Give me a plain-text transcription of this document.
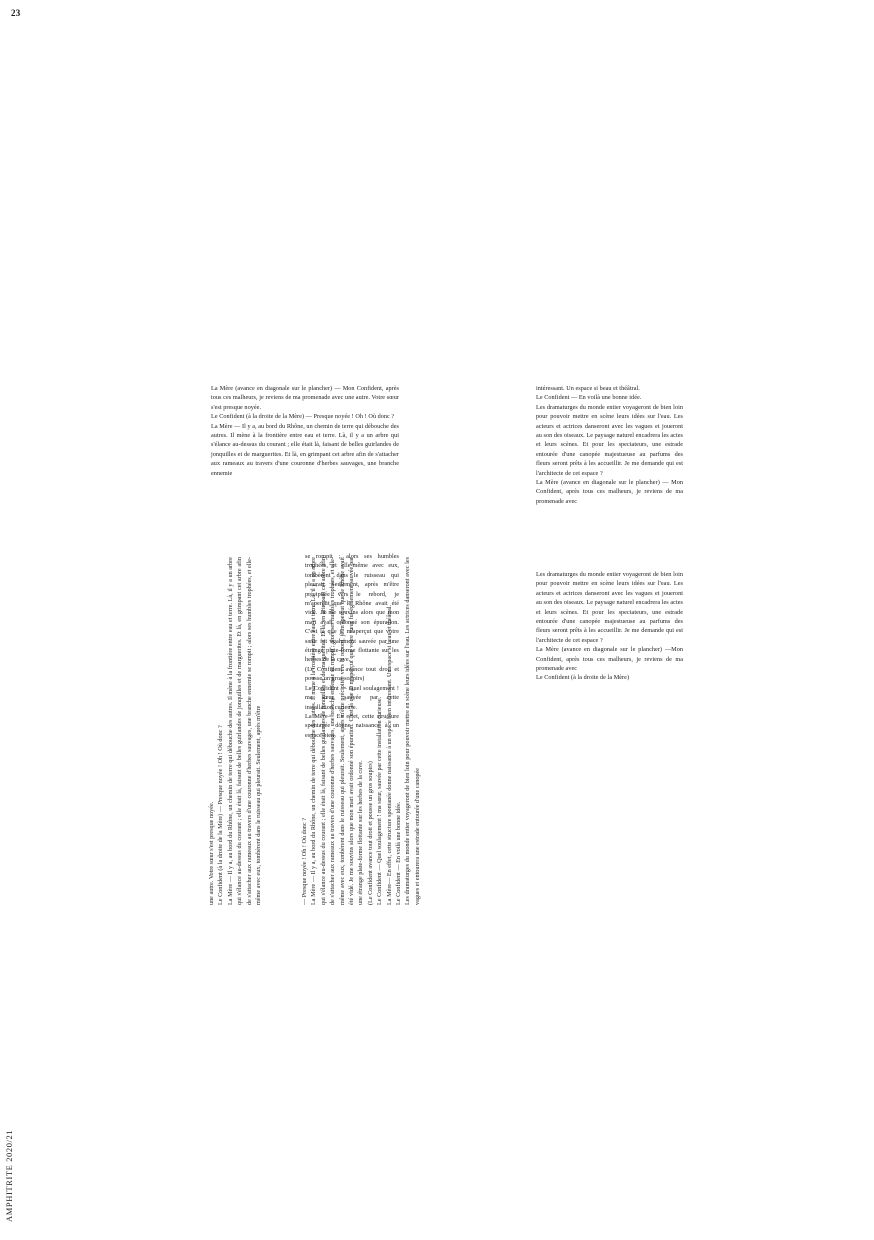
23
AMPHITRITE 2020/21

La Mère (avance en diagonale sur le plancher) — Mon Confident, après tous ces malheurs, je reviens de ma promenade avec une autre. Votre sœur s'est presque noyée.
Le Confident (à la droite de la Mère) — Presque noyée ! Oh ! Où donc ?
La Mère — Il y a, au bord du Rhône, un chemin de terre qui débouche des autres. Il mène à la frontière entre eau et terre. Là, il y a un arbre qui s'élance au-dessus du courant ; elle était là, faisant de belles guirlandes de jonquilles et de marguerites. Et là, en grimpant cet arbre afin de s'attacher aux rameaux au travers d'une couronne d'herbes sauvages, une branche ennemie

se rompit ; alors ses humbles trophées, et elle-même avec eux, tombèrent dans le ruisseau qui pleurait. Seulement, après m'être précipitée vers le rebord, je m'aperçut que le Rhône avait été vidé. Je me souvins alors que mon mari avait ordonné son épuration. C'est là que je m'aperçut que votre sœur fut également sauvée par une étrange plate-forme flottante sur les herbes de la cuve.
(Le Confident avance tout droit et pousse un gros soupirs)
Le Confident — Quel soulagement ! ma sœur, sauvée par cette installation curieuse.
La Mère— En effet, cette structure spontanée donne naissance à un espace bien

intéressant. Un espace si beau et théâtral.
Le Confident — En voilà une bonne idée.
Les dramaturges du monde entier voyageront de bien loin pour pouvoir mettre en scène leurs idées sur l'eau. Les acteurs et actrices danseront avec les vagues et joueront au son des oiseaux. Le paysage naturel encadrera les actes et leurs scènes. Et pour les spectateurs, une estrade entourée d'une canopée majestueuse au parfums des fleurs seront prêts à les accueillir. Je me demande qui est l'architecte de cet espace ?
La Mère (avance en diagonale sur le plancher) — Mon Confident, après tous ces malheurs, je reviens de ma promenade avec

Les dramaturges du monde entier voyageront de bien loin pour pouvoir mettre en scène leurs idées sur l'eau. Les acteurs et actrices danseront avec les vagues et joueront au son des oiseaux. Le paysage naturel encadrera les actes et leurs scènes. Et pour les spectateurs, une estrade entourée d'une canopée majestueuse au parfums des fleurs seront prêts à les accueillir. Je me demande qui est l'architecte de cet espace ?
La Mère (avance en diagonale sur le plancher) —Mon Confident, après tous ces malheurs, je reviens de ma promenade avec
Le Confident (à la droite de la Mère)

une autre. Votre sœur s'est presque noyée. Le Confident (à la droite de la Mère) — Presque noyée ! Oh ! Où donc ? La Mère — Il y a, au bord du Rhône, un chemin de terre qui débouche des autres. Il mène à la frontière entre eau et terre. Là, il y a un arbre qui s'élance au-dessus du courant ; elle était là, faisant de belles guirlandes de jonquilles et de marguerites. Et là, en grimpant cet arbre afin de s'attacher aux rameaux au travers d'une couronne d'herbes sauvages, une branche ennemie se rompit ; alors ses humbles trophées, et elle-même avec eux, tombèrent dans le ruisseau qui pleurait. Seulement, après m'être	— Presque noyée ! Oh ! Où donc ? La Mère — Il y a, au bord du Rhône, un chemin de terre qui débouche des autres. Il mène à la frontière entre eau et terre. Là, il y a un arbre qui s'élance au-dessus du courant ; elle était là, faisant de belles guirlandes de jonquilles et de marguerites. Et là, en grimpant cet arbre afin de s'attacher aux rameaux au travers d'une couronne d'herbes sauvages, une branche ennemie se rompit ; alors ses humbles trophées, et elle-même avec eux, tombèrent dans le ruisseau qui pleurait. Seulement, après m'être précipitée vers le rebord, je m'aperçut que le Rhône avait été vidé. Je me souvins alors que mon mari avait ordonné son épuration. C'est là que je m'aperçut que votre sœur fut également sauvée par une étrange plate-forme flottante sur les herbes de la cuve. (Le Confident avance tout droit et pousse un gros soupirs) Le Confident — Quel soulagement ! ma sœur, sauvée par cette installation curieuse. La Mère— En effet, cette structure spontanée donne naissance à un espace bien intéressant. Un espace si beau et théâtral. Le Confident — En voilà une bonne idée. Les dramaturges du monde entier voyageront de bien loin pour pouvoir mettre en scène leurs idées sur l'eau. Les actrices danseront avec les vagues et entourera une estrade entourée d'une canopée
